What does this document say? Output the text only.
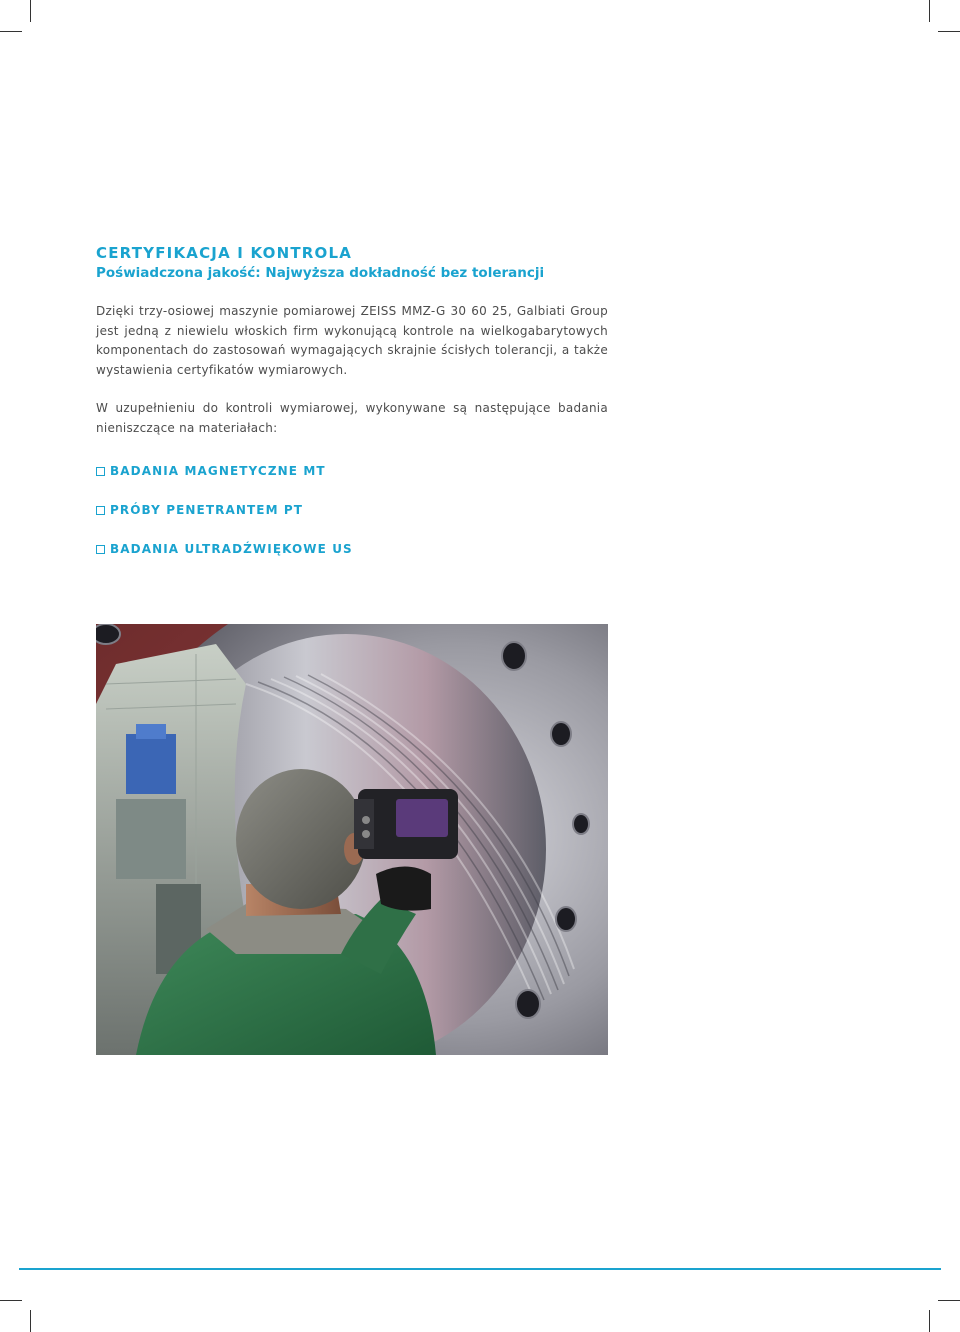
CERTYFIKACJA I KONTROLA
Poświadczona jakość: Najwyższa dokładność bez tolerancji

Dzięki trzy-osiowej maszynie pomiarowej ZEISS MMZ-G 30 60 25, Galbiati Group jest jedną z niewielu włoskich firm wykonującą kontrole na wielkogabarytowych komponentach do zastosowań wymagających skrajnie ścisłych tolerancji, a także wystawienia certyfikatów wymiarowych.

W uzupełnieniu do kontroli wymiarowej, wykonywane są następujące badania nieniszczące na materiałach:

BADANIA MAGNETYCZNE MT
PRÓBY PENETRANTEM PT
BADANIA ULTRADŹWIĘKOWE US
